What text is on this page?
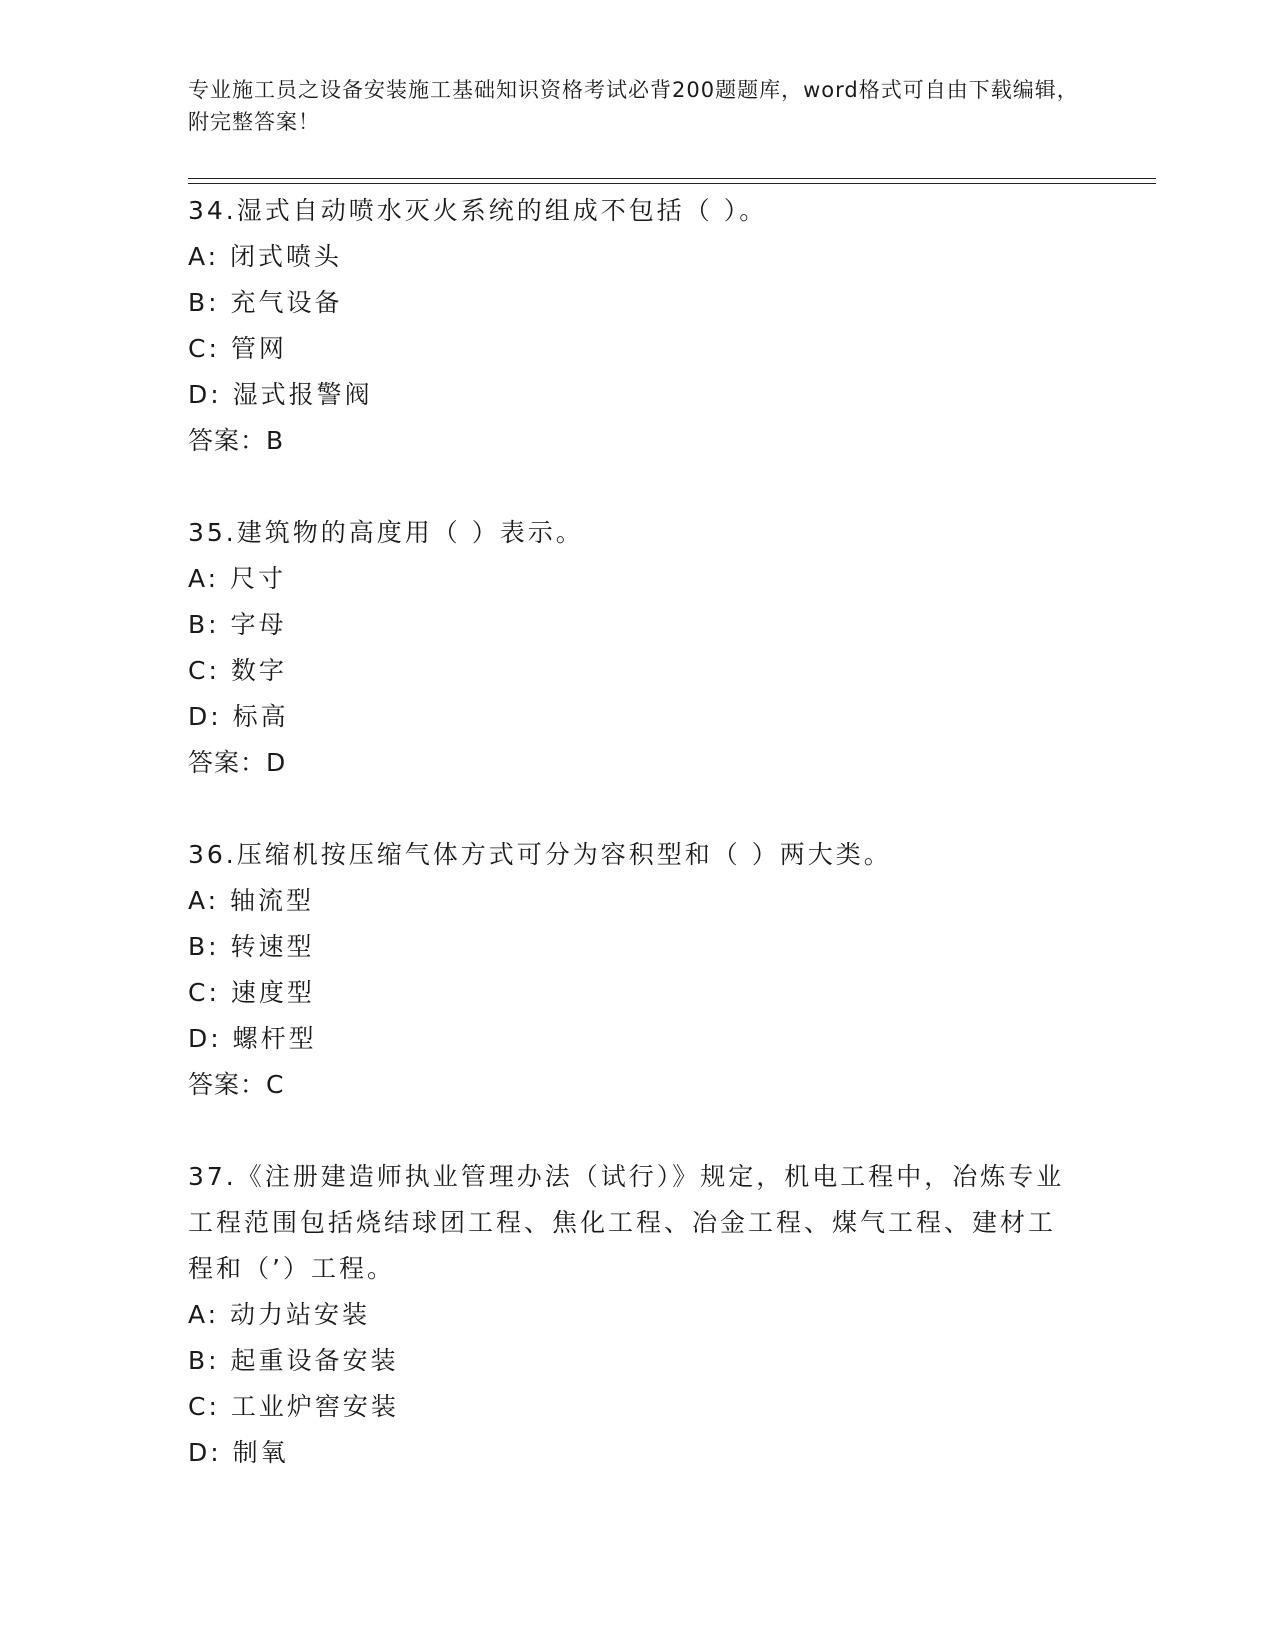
专业施工员之设备安装施工基础知识资格考试必背200题题库，word格式可自由下载编辑，附完整答案！
34.湿式自动喷水灭火系统的组成不包括（ ）。
A: 闭式喷头
B: 充气设备
C: 管网
D: 湿式报警阀
答案：B
35.建筑物的高度用（ ）表示。
A: 尺寸
B: 字母
C: 数字
D: 标高
答案：D
36.压缩机按压缩气体方式可分为容积型和（ ）两大类。
A: 轴流型
B: 转速型
C: 速度型
D: 螺杆型
答案：C
37.《注册建造师执业管理办法（试行）》规定，机电工程中，冶炼专业工程范围包括烧结球团工程、焦化工程、冶金工程、煤气工程、建材工程和（’）工程。
A: 动力站安装
B: 起重设备安装
C: 工业炉窖安装
D: 制氧
